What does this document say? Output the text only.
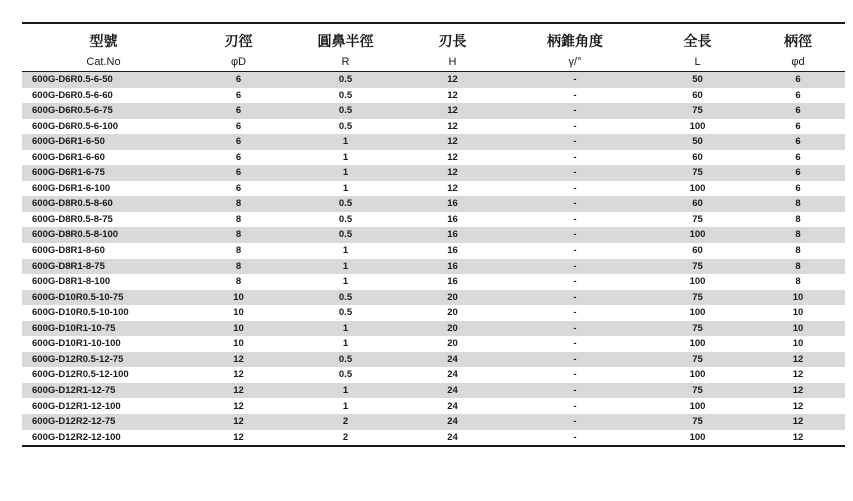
型號	刃徑	圓鼻半徑	刃長	柄錐角度	全長	柄徑
Cat.No	φD	R	H	γ/°	L	φd
600G-D6R0.5-6-50	6	0.5	12	-	50	6
600G-D6R0.5-6-60	6	0.5	12	-	60	6
600G-D6R0.5-6-75	6	0.5	12	-	75	6
600G-D6R0.5-6-100	6	0.5	12	-	100	6
600G-D6R1-6-50	6	1	12	-	50	6
600G-D6R1-6-60	6	1	12	-	60	6
600G-D6R1-6-75	6	1	12	-	75	6
600G-D6R1-6-100	6	1	12	-	100	6
600G-D8R0.5-8-60	8	0.5	16	-	60	8
600G-D8R0.5-8-75	8	0.5	16	-	75	8
600G-D8R0.5-8-100	8	0.5	16	-	100	8
600G-D8R1-8-60	8	1	16	-	60	8
600G-D8R1-8-75	8	1	16	-	75	8
600G-D8R1-8-100	8	1	16	-	100	8
600G-D10R0.5-10-75	10	0.5	20	-	75	10
600G-D10R0.5-10-100	10	0.5	20	-	100	10
600G-D10R1-10-75	10	1	20	-	75	10
600G-D10R1-10-100	10	1	20	-	100	10
600G-D12R0.5-12-75	12	0.5	24	-	75	12
600G-D12R0.5-12-100	12	0.5	24	-	100	12
600G-D12R1-12-75	12	1	24	-	75	12
600G-D12R1-12-100	12	1	24	-	100	12
600G-D12R2-12-75	12	2	24	-	75	12
600G-D12R2-12-100	12	2	24	-	100	12
